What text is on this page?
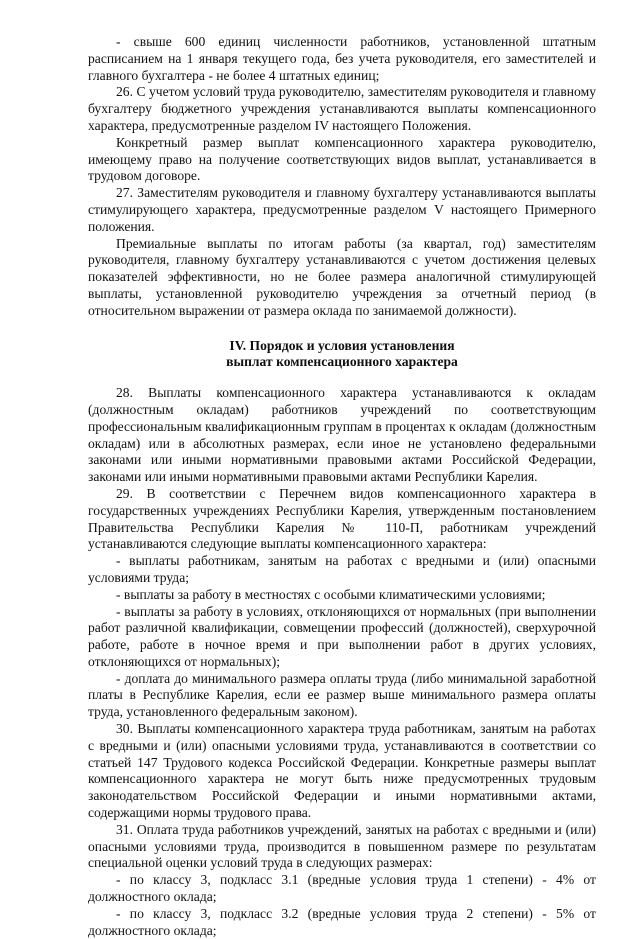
- свыше 600 единиц численности работников, установленной штатным расписанием на 1 января текущего года, без учета руководителя, его заместителей и главного бухгалтера - не более 4 штатных единиц;

26. С учетом условий труда руководителю, заместителям руководителя и главному бухгалтеру бюджетного учреждения устанавливаются выплаты компенсационного характера, предусмотренные разделом IV настоящего Положения.

Конкретный размер выплат компенсационного характера руководителю, имеющему право на получение соответствующих видов выплат, устанавливается в трудовом договоре.

27. Заместителям руководителя и главному бухгалтеру устанавливаются выплаты стимулирующего характера, предусмотренные разделом V настоящего Примерного положения.

Премиальные выплаты по итогам работы (за квартал, год) заместителям руководителя, главному бухгалтеру устанавливаются с учетом достижения целевых показателей эффективности, но не более размера аналогичной стимулирующей выплаты, установленной руководителю учреждения за отчетный период (в относительном выражении от размера оклада по занимаемой должности).

IV. Порядок и условия установления

выплат компенсационного характера

28. Выплаты компенсационного характера устанавливаются к окладам (должностным окладам) работников учреждений по соответствующим профессиональным квалификационным группам в процентах к окладам (должностным окладам) или в абсолютных размерах, если иное не установлено федеральными законами или иными нормативными правовыми актами Российской Федерации, законами или иными нормативными правовыми актами Республики Карелия.

29. В соответствии с Перечнем видов компенсационного характера в государственных учреждениях Республики Карелия, утвержденным постановлением Правительства Республики Карелия № 110-П, работникам учреждений устанавливаются следующие выплаты компенсационного характера:

- выплаты работникам, занятым на работах с вредными и (или) опасными условиями труда;

- выплаты за работу в местностях с особыми климатическими условиями;

- выплаты за работу в условиях, отклоняющихся от нормальных (при выполнении работ различной квалификации, совмещении профессий (должностей), сверхурочной работе, работе в ночное время и при выполнении работ в других условиях, отклоняющихся от нормальных);

- доплата до минимального размера оплаты труда (либо минимальной заработной платы в Республике Карелия, если ее размер выше минимального размера оплаты труда, установленного федеральным законом).

30. Выплаты компенсационного характера труда работникам, занятым на работах с вредными и (или) опасными условиями труда, устанавливаются в соответствии со статьей 147 Трудового кодекса Российской Федерации. Конкретные размеры выплат компенсационного характера не могут быть ниже предусмотренных трудовым законодательством Российской Федерации и иными нормативными актами, содержащими нормы трудового права.

31. Оплата труда работников учреждений, занятых на работах с вредными и (или) опасными условиями труда, производится в повышенном размере по результатам специальной оценки условий труда в следующих размерах:

- по классу 3, подкласс 3.1 (вредные условия труда 1 степени) - 4% от должностного оклада;

- по классу 3, подкласс 3.2 (вредные условия труда 2 степени) - 5% от должностного оклада;
